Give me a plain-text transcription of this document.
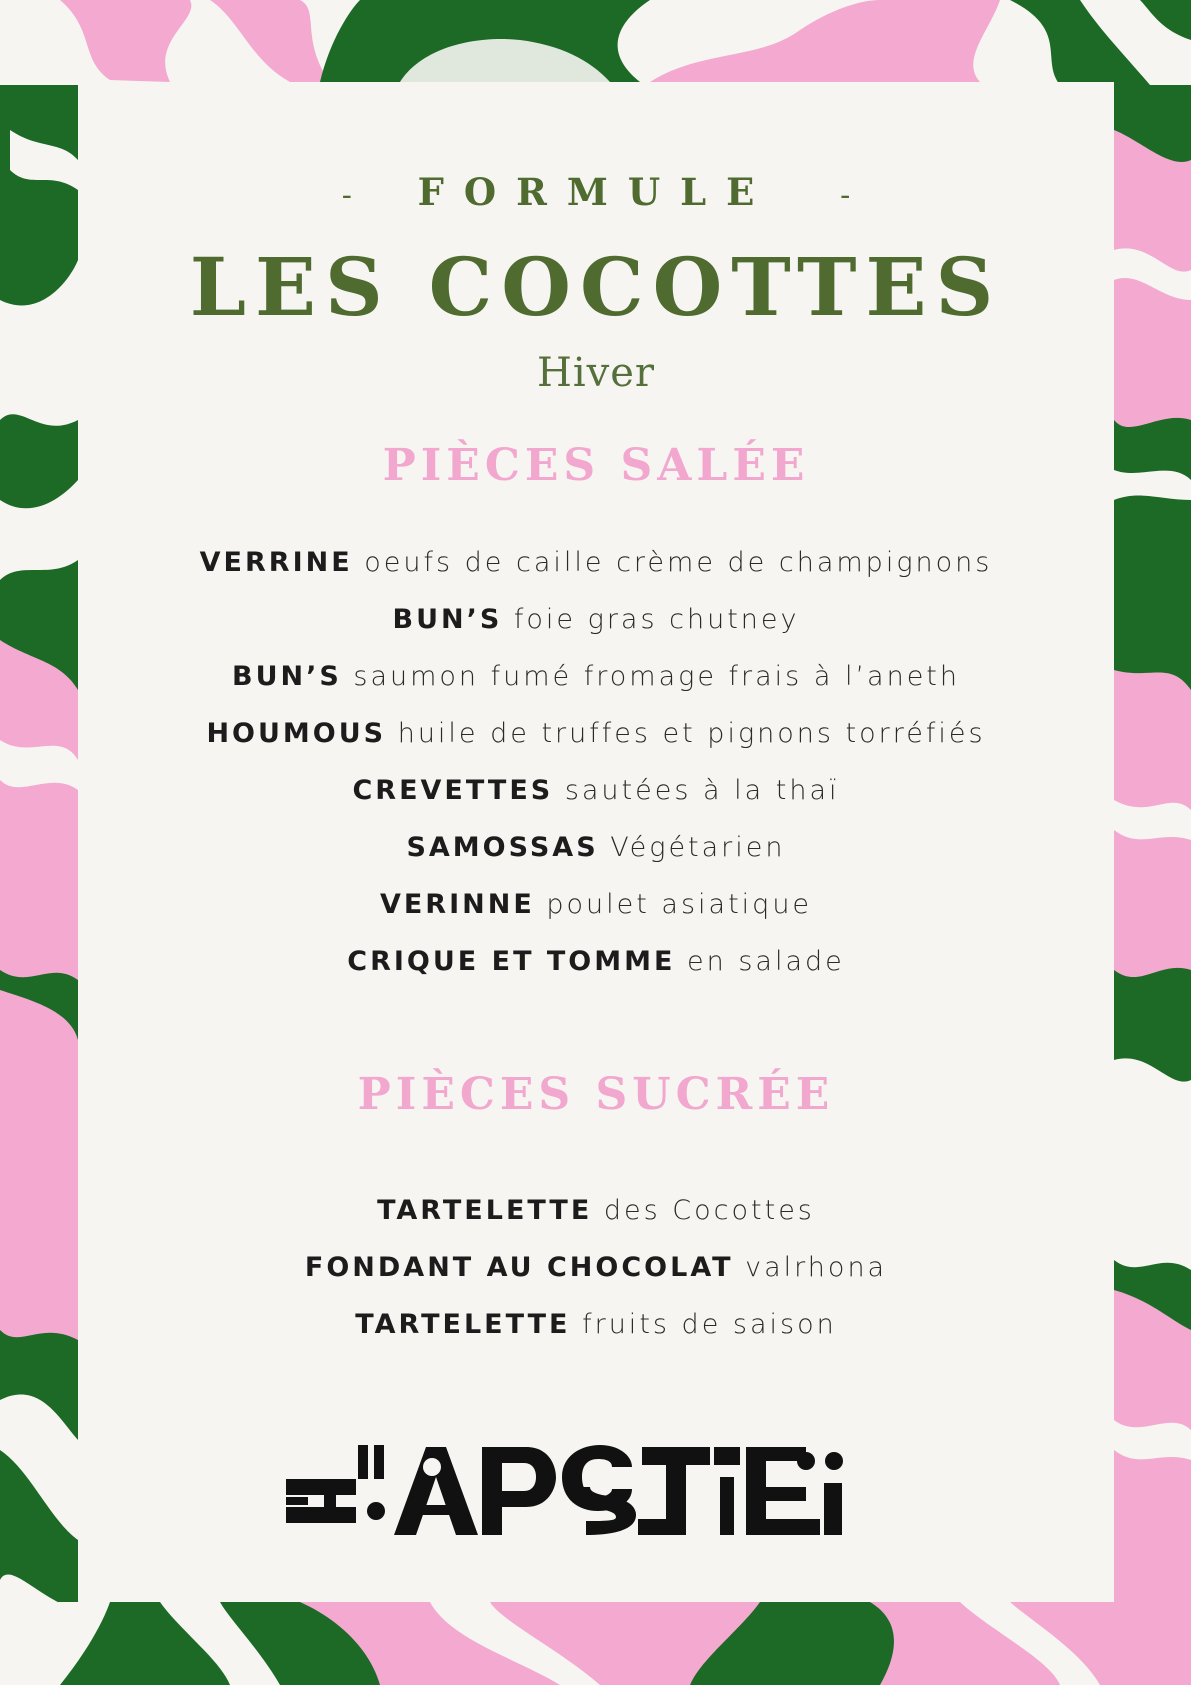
- FORMULE -
LES COCOTTES
Hiver
PIÈCES SALÉE
VERRINE oeufs de caille crème de champignons
BUN’S foie gras chutney
BUN’S saumon fumé fromage frais à l’aneth
HOUMOUS huile de truffes et pignons torréfiés
CREVETTES sautées à la thaï
SAMOSSAS Végétarien
VERINNE poulet asiatique
CRIQUE ET TOMME en salade
PIÈCES SUCRÉE
TARTELETTE des Cocottes
FONDANT AU CHOCOLAT valrhona
TARTELETTE fruits de saison
